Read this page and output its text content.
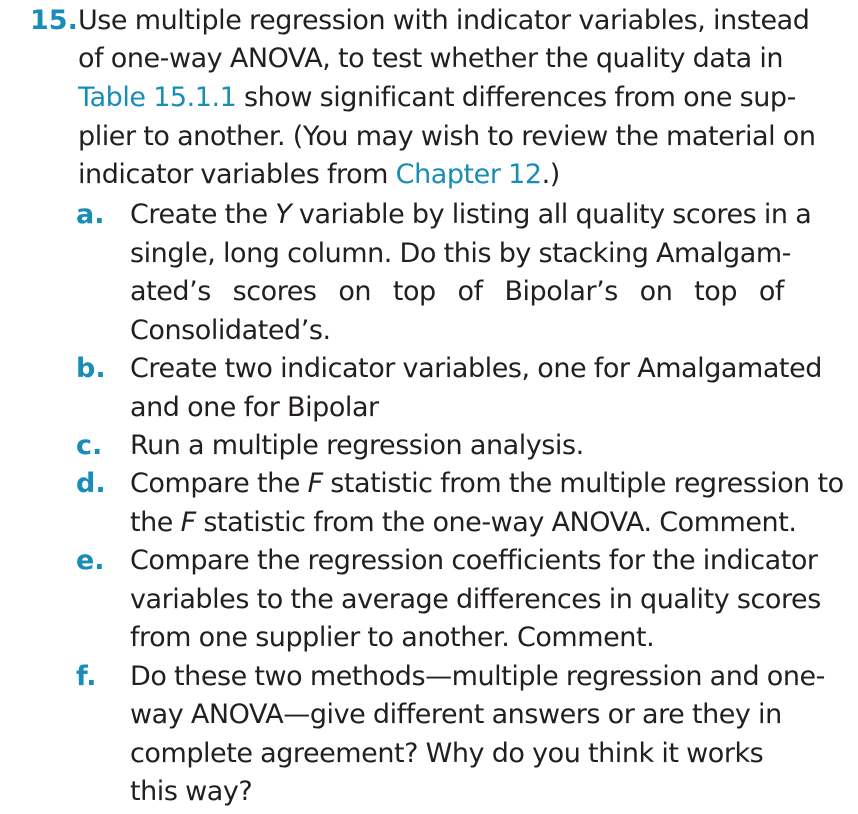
15. Use multiple regression with indicator variables, instead
of one-way ANOVA, to test whether the quality data in
Table 15.1.1 show significant differences from one sup-
plier to another. (You may wish to review the material on
indicator variables from Chapter 12.)
a. Create the Y variable by listing all quality scores in a
single, long column. Do this by stacking Amalgam-
ated’s scores on top of Bipolar’s on top of
Consolidated’s.
b. Create two indicator variables, one for Amalgamated
and one for Bipolar
c.	Run a multiple regression analysis.
d. Compare the F statistic from the multiple regression to
the F statistic from the one-way ANOVA. Comment.
e. Compare the regression coefficients for the indicator
variables to the average differences in quality scores
from one supplier to another. Comment.
f.	Do these two methods—multiple regression and one-
way ANOVA—give different answers or are they in
complete agreement? Why do you think it works
this way?
